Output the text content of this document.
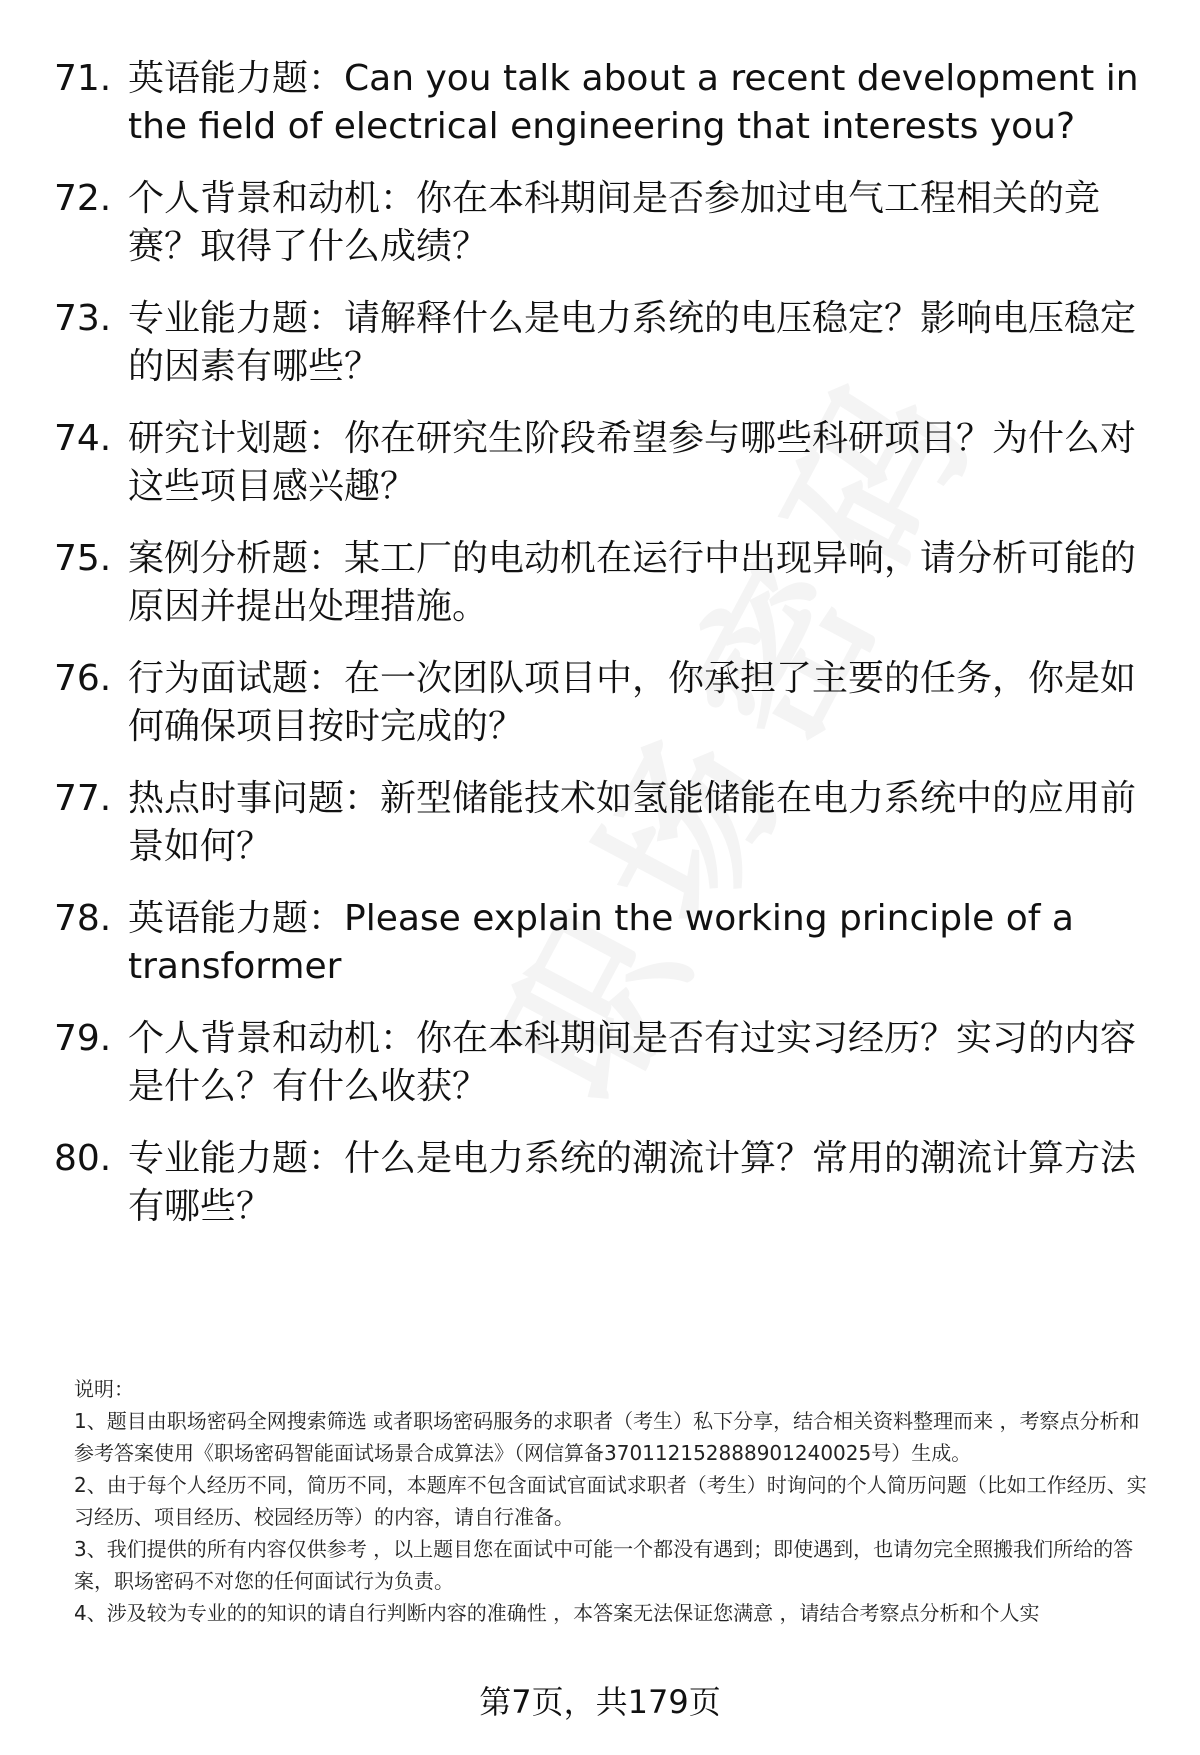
71. 英语能力题：Can you talk about a recent development in the field of electrical engineering that interests you?
72. 个人背景和动机：你在本科期间是否参加过电气工程相关的竞赛？取得了什么成绩？
73. 专业能力题：请解释什么是电力系统的电压稳定？影响电压稳定的因素有哪些？
74. 研究计划题：你在研究生阶段希望参与哪些科研项目？为什么对这些项目感兴趣？
75. 案例分析题：某工厂的电动机在运行中出现异响，请分析可能的原因并提出处理措施。
76. 行为面试题：在一次团队项目中，你承担了主要的任务，你是如何确保项目按时完成的？
77. 热点时事问题：新型储能技术如氢能储能在电力系统中的应用前景如何？
78. 英语能力题：Please explain the working principle of a transformer
79. 个人背景和动机：你在本科期间是否有过实习经历？实习的内容是什么？有什么收获？
80. 专业能力题：什么是电力系统的潮流计算？常用的潮流计算方法有哪些？

说明：

1、题目由职场密码全网搜索筛选 或者职场密码服务的求职者（考生）私下分享，结合相关资料整理而来 ，考察点分析和参考答案使用《职场密码智能面试场景合成算法》（网信算备370112152888901240025号）生成。

2、由于每个人经历不同，简历不同，本题库不包含面试官面试求职者（考生）时询问的个人简历问题（比如工作经历、实习经历、项目经历、校园经历等）的内容，请自行准备。

3、我们提供的所有内容仅供参考 ，以上题目您在面试中可能一个都没有遇到；即使遇到，也请勿完全照搬我们所给的答案，职场密码不对您的任何面试行为负责。

4、涉及较为专业的的知识的请自行判断内容的准确性 ，本答案无法保证您满意 ，请结合考察点分析和个人实

第7页，共179页
